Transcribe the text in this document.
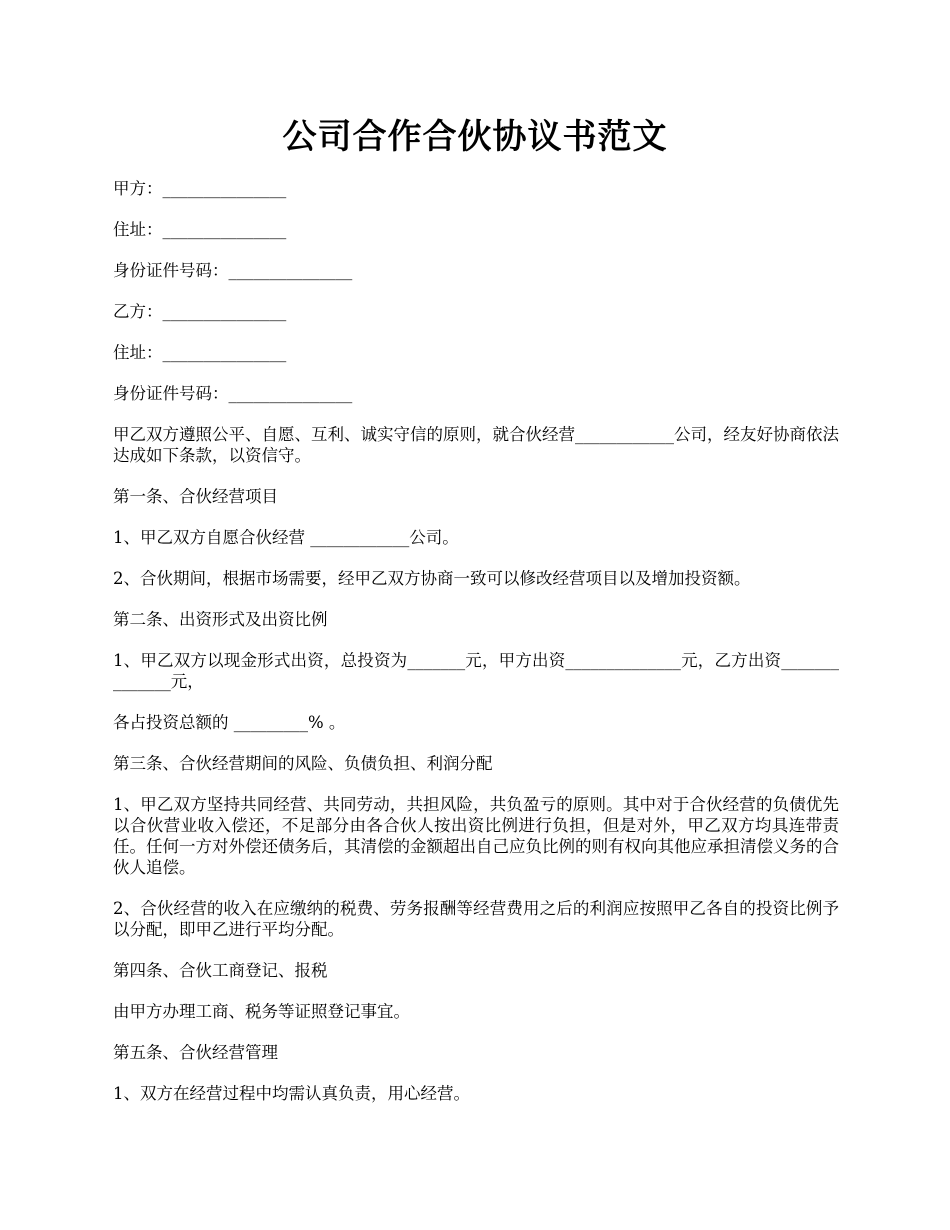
公司合作合伙协议书范文

甲方：_______________

住址：_______________

身份证件号码：_______________

乙方：_______________

住址：_______________

身份证件号码：_______________

甲乙双方遵照公平、自愿、互利、诚实守信的原则，就合伙经营____________公司，经友好协商依法达成如下条款，以资信守。

第一条、合伙经营项目

1、甲乙双方自愿合伙经营 ____________公司。

2、合伙期间，根据市场需要，经甲乙双方协商一致可以修改经营项目以及增加投资额。

第二条、出资形式及出资比例

1、甲乙双方以现金形式出资，总投资为_______元，甲方出资______________元，乙方出资______________元，

各占投资总额的 _________% 。

第三条、合伙经营期间的风险、负债负担、利润分配

1、甲乙双方坚持共同经营、共同劳动，共担风险，共负盈亏的原则。其中对于合伙经营的负债优先以合伙营业收入偿还，不足部分由各合伙人按出资比例进行负担，但是对外，甲乙双方均具连带责任。任何一方对外偿还债务后，其清偿的金额超出自己应负比例的则有权向其他应承担清偿义务的合伙人追偿。

2、合伙经营的收入在应缴纳的税费、劳务报酬等经营费用之后的利润应按照甲乙各自的投资比例予以分配，即甲乙进行平均分配。

第四条、合伙工商登记、报税

由甲方办理工商、税务等证照登记事宜。

第五条、合伙经营管理

1、双方在经营过程中均需认真负责，用心经营。
